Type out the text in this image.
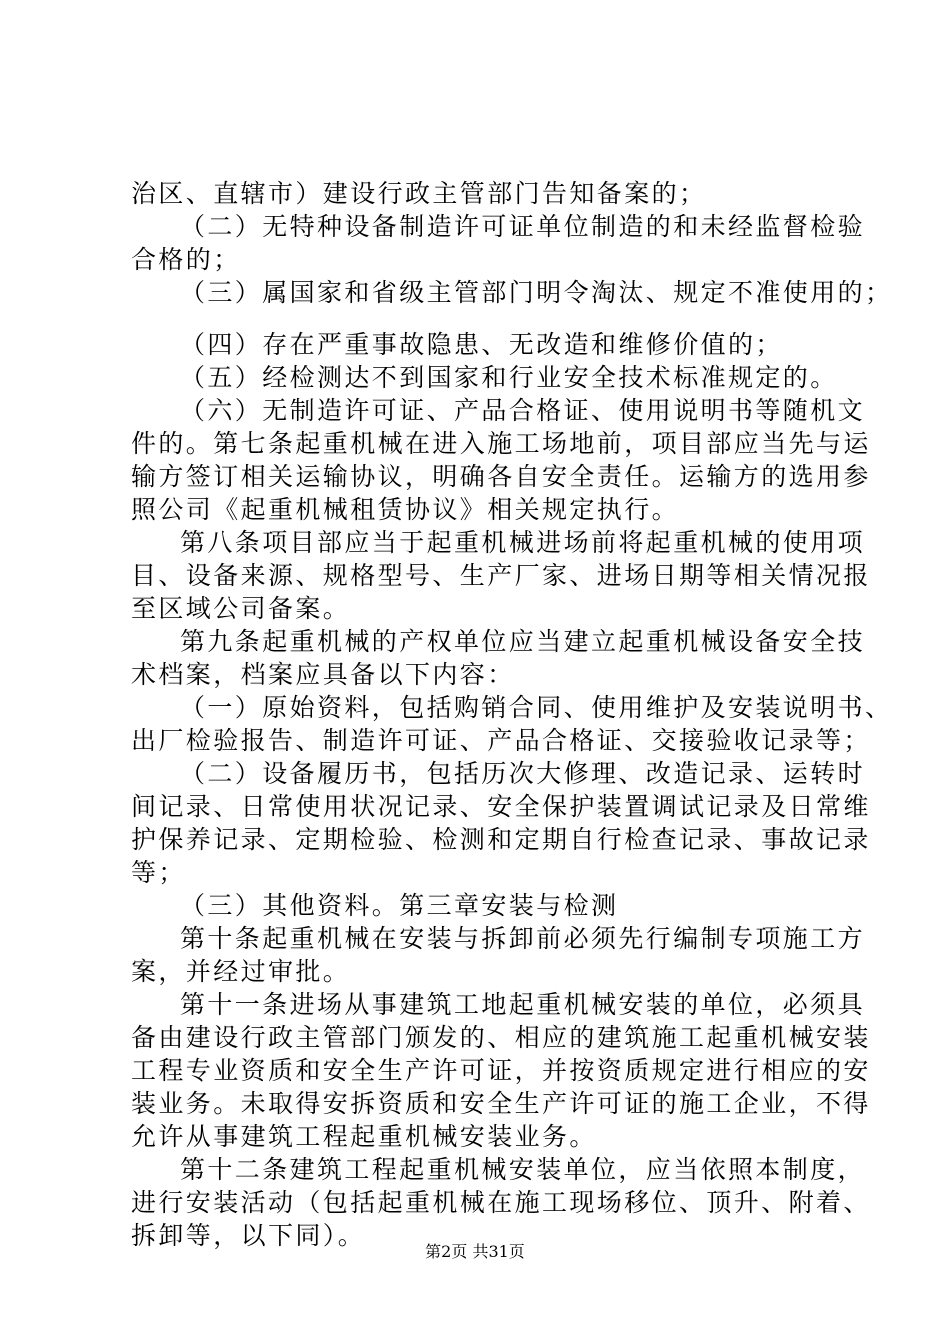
治区、直辖市）建设行政主管部门告知备案的；
（二）无特种设备制造许可证单位制造的和未经监督检验
合格的；
（三）属国家和省级主管部门明令淘汰、规定不准使用的；
（四）存在严重事故隐患、无改造和维修价值的；
（五）经检测达不到国家和行业安全技术标准规定的。
（六）无制造许可证、产品合格证、使用说明书等随机文
件的。第七条起重机械在进入施工场地前，项目部应当先与运
输方签订相关运输协议，明确各自安全责任。运输方的选用参
照公司《起重机械租赁协议》相关规定执行。
第八条项目部应当于起重机械进场前将起重机械的使用项
目、设备来源、规格型号、生产厂家、进场日期等相关情况报
至区域公司备案。
第九条起重机械的产权单位应当建立起重机械设备安全技
术档案，档案应具备以下内容：
（一）原始资料，包括购销合同、使用维护及安装说明书、
出厂检验报告、制造许可证、产品合格证、交接验收记录等；
（二）设备履历书，包括历次大修理、改造记录、运转时
间记录、日常使用状况记录、安全保护装置调试记录及日常维
护保养记录、定期检验、检测和定期自行检查记录、事故记录
等；
（三）其他资料。第三章安装与检测
第十条起重机械在安装与拆卸前必须先行编制专项施工方
案，并经过审批。
第十一条进场从事建筑工地起重机械安装的单位，必须具
备由建设行政主管部门颁发的、相应的建筑施工起重机械安装
工程专业资质和安全生产许可证，并按资质规定进行相应的安
装业务。未取得安拆资质和安全生产许可证的施工企业，不得
允许从事建筑工程起重机械安装业务。
第十二条建筑工程起重机械安装单位，应当依照本制度，
进行安装活动（包括起重机械在施工现场移位、顶升、附着、
拆卸等，以下同）。
第2页 共31页
